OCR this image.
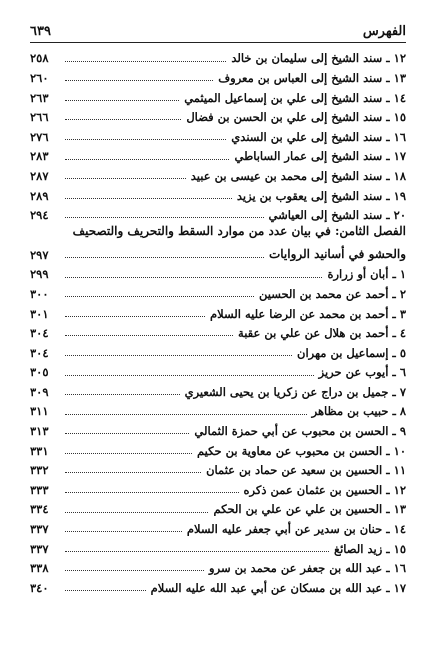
الفهرس
٦٣٩
١٢ ـ سند الشيخ إلى سليمان بن خالد
٢٥٨
١٣ ـ سند الشيخ إلى العباس بن معروف
٢٦٠
١٤ ـ سند الشيخ إلى علي بن إسماعيل الميثمي
٢٦٣
١٥ ـ سند الشيخ إلى علي بن الحسن بن فضال
٢٦٦
١٦ ـ سند الشيخ إلى علي بن السندي
٢٧٦
١٧ ـ سند الشيخ إلى عمار الساباطي
٢٨٣
١٨ ـ سند الشيخ إلى محمد بن عيسى بن عبيد
٢٨٧
١٩ ـ سند الشيخ إلى يعقوب بن يزيد
٢٨٩
٢٠ ـ سند الشيخ إلى العياشي
٢٩٤
الفصل الثامن: في بيان عدد من موارد السقط والتحريف والتصحيف
والحشو في أسانيد الروايات
٢٩٧
١ ـ أبان أو زرارة
٢٩٩
٢ ـ أحمد عن محمد بن الحسين
٣٠٠
٣ ـ أحمد بن محمد عن الرضا عليه السلام
٣٠١
٤ ـ أحمد بن هلال عن علي بن عقبة
٣٠٤
٥ ـ إسماعيل بن مهران
٣٠٤
٦ ـ أيوب عن حريز
٣٠٥
٧ ـ جميل بن دراج عن زكريا بن يحيى الشعيري
٣٠٩
٨ ـ حبيب بن مظاهر
٣١١
٩ ـ الحسن بن محبوب عن أبي حمزة الثمالي
٣١٣
١٠ ـ الحسن بن محبوب عن معاوية بن حكيم
٣٣١
١١ ـ الحسين بن سعيد عن حماد بن عثمان
٣٣٢
١٢ ـ الحسين بن عثمان عمن ذكره
٣٣٣
١٣ ـ الحسين بن علي عن علي بن الحكم
٣٣٤
١٤ ـ حنان بن سدير عن أبي جعفر عليه السلام
٣٣٧
١٥ ـ زيد الصائغ
٣٣٧
١٦ ـ عبد الله بن جعفر عن محمد بن سرو
٣٣٨
١٧ ـ عبد الله بن مسكان عن أبي عبد الله عليه السلام
٣٤٠
